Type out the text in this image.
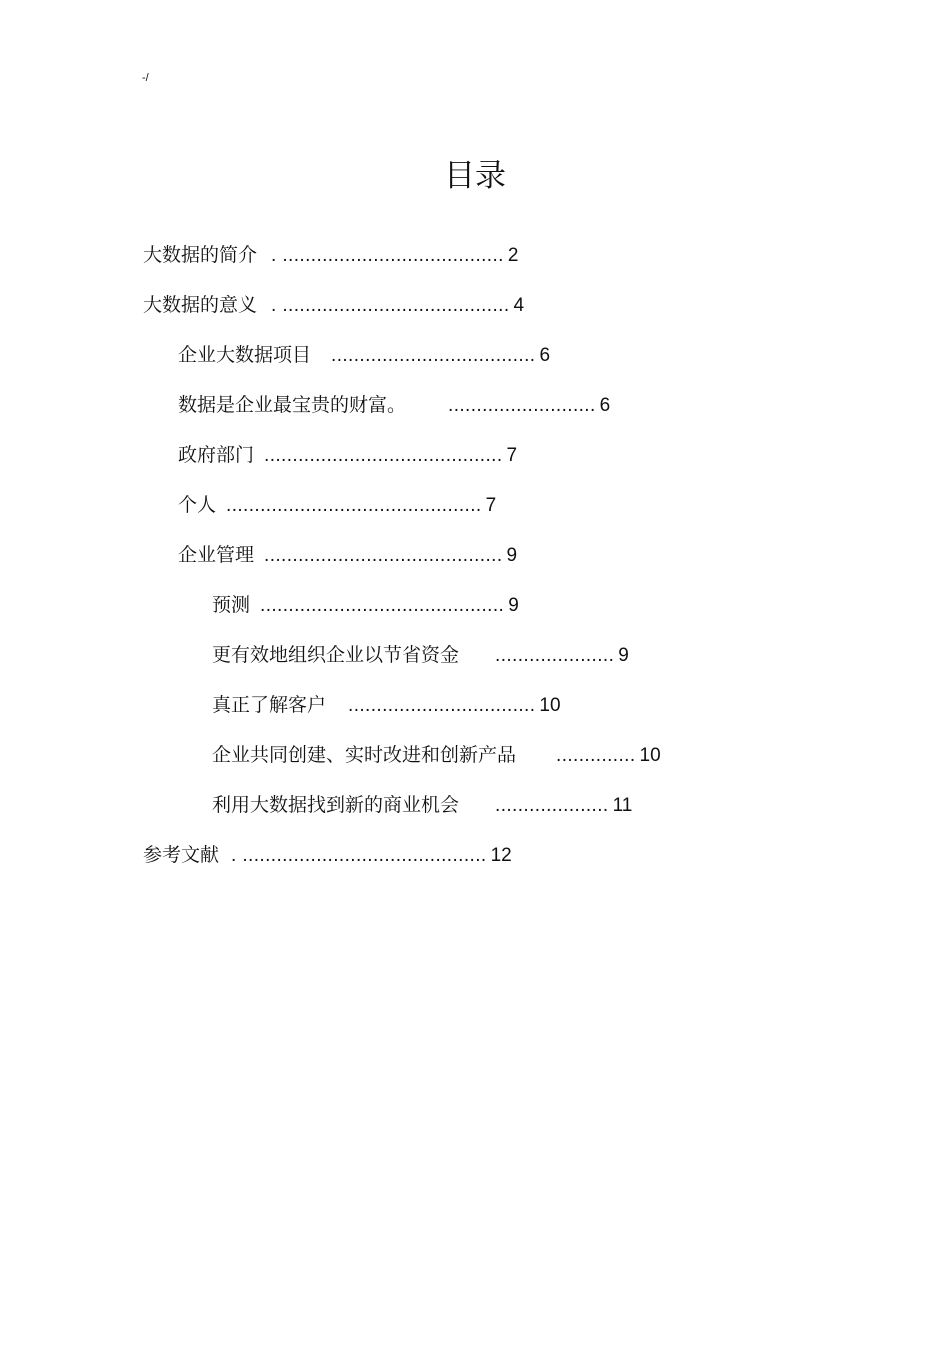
-/
目录
大数据的简介 . ....................................... 2
大数据的意义 . ........................................ 4
企业大数据项目 .................................... 6
数据是企业最宝贵的财富。 .......................... 6
政府部门 .......................................... 7
个人 ............................................. 7
企业管理 .......................................... 9
预测 ........................................... 9
更有效地组织企业以节省资金 ..................... 9
真正了解客户 ................................. 10
企业共同创建、实时改进和创新产品 .............. 10
利用大数据找到新的商业机会 .................... 11
参考文献 . ........................................... 12
